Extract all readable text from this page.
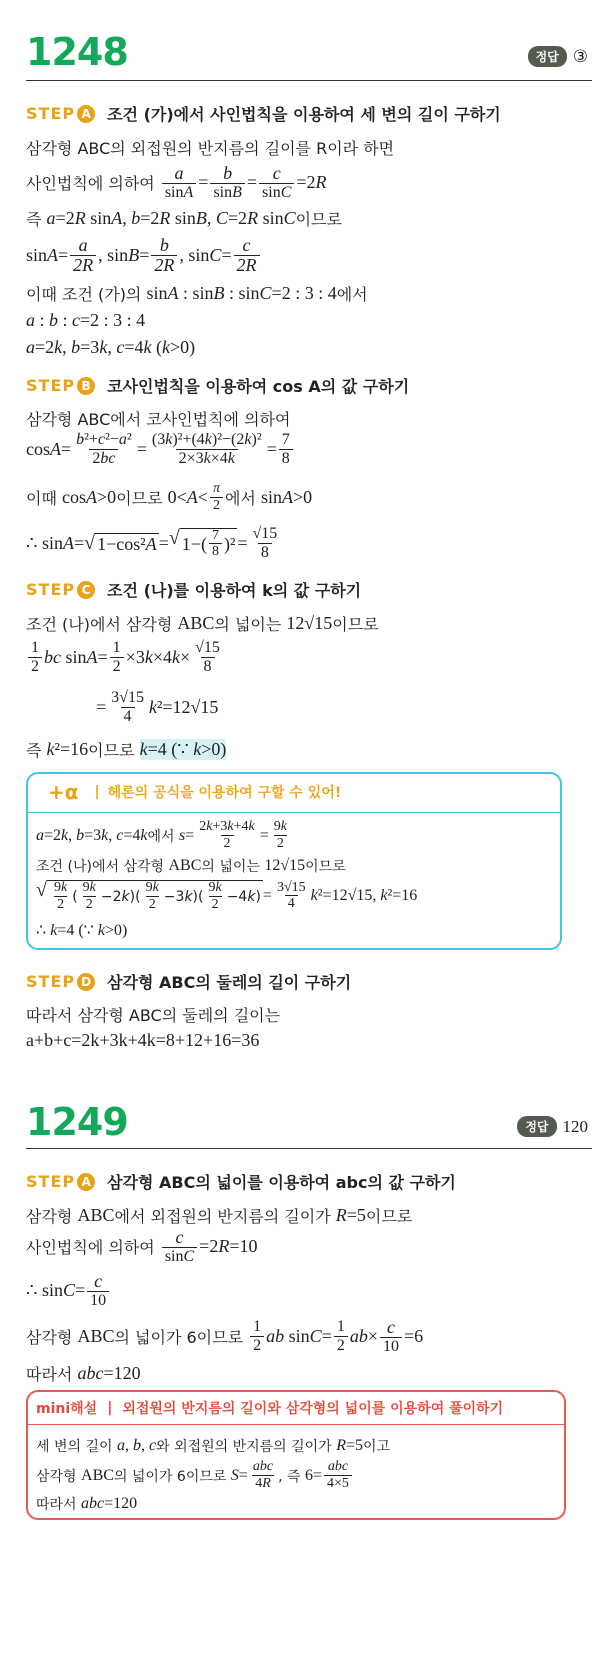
1248	정답 ③
STEP A 조건 (가)에서 사인법칙을 이용하여 세 변의 길이 구하기
삼각형 ABC의 외접원의 반지름의 길이를 R이라 하면
사인법칙에 의하여 $\frac{a}{\sin A} = \frac{b}{\sin B} = \frac{c}{\sin C} =2R$
즉 a=2R sinA, b=2R sinB, C=2R sinC 이므로
$\sin A= \frac{a}{2R}$ , $\sin B= \frac{b}{2R}$ , $\sin C= \frac{c}{2R}$
이때 조건 (가)의 sinA : sinB : sinC=2 : 3 : 4 에서
a : b : c=2 : 3 : 4
a=2k, b=3k, c=4k (k>0)
STEP B 코사인법칙을 이용하여 cos A의 값 구하기
삼각형 ABC에서 코사인법칙에 의하여
$\cos A= \frac{\text{b²+c²−a²}}{2bc} = \frac{\text{(3k)²+(4k)²−(2k)²}}{2\times 3k\times 4k} = \frac{7}{8}$
이때 cosA>0 이므로 $0<A< \frac{\pi}{2}$ 에서 sinA>0
∴ sinA= √ 1−cos² A = √ $1-( \frac{7}{8} )^2 = \frac{√15}{8}$
STEP C 조건 (나)를 이용하여 k의 값 구하기
조건 (나)에서 삼각형 ABC 의 넓이는 12√15 이므로
$\frac{1}{2}$ bc $\sin A= \frac{1}{2} \times 3k\times 4k\times \frac{√15}{8}$
= $\frac{3√15}{4} k^2=12√15$
즉 k²=16 이므로 k=4 (∵ k>0)
+α | 헤론의 공식을 이용하여 구할 수 있어!
a=2k, b=3k, c=4k 에서 $s= \frac{2k+3k+4k}{2} = \frac{9k}{2}$
조건 (나)에서 삼각형 ABC 의 넓이는 12√15 이므로
√ $\frac{9k}{2}$ ( $\frac{9k}{2} -2$ k )( $\frac{9k}{2} -3$ k )( $\frac{9k}{2} -4$ k ) = $\frac{3√15}{4} k^2=12√15$, k²=16
∴ k=4 (∵ k>0)
STEP D 삼각형 ABC의 둘레의 길이 구하기
따라서 삼각형 ABC의 둘레의 길이는
a+b+c=2k+3k+4k=8+12+16=36
1249	정답 120
STEP A 삼각형 ABC의 넓이를 이용하여 abc의 값 구하기
삼각형 ABC 에서 외접원의 반지름의 길이가 R=5 이므로
사인법칙에 의하여 $\frac{c}{\sin C} =2R=10$
∴ $\sin C= \frac{c}{10}$
삼각형 ABC 의 넓이가 6이므로 $\frac{1}{2}$ ab $\sin C= \frac{1}{2} ab\times \frac{c}{10} =6$
따라서 abc=120
mini해설 | 외접원의 반지름의 길이와 삼각형의 넓이를 이용하여 풀이하기
세 변의 길이 a, b, c 와 외접원의 반지름의 길이가 R=5 이고
삼각형 ABC 의 넓이가 6이므로 $S= \frac{\text{abc}}{4R}$ , 즉 $6= \frac{\text{abc}}{4\times 5}$
따라서 abc=120
